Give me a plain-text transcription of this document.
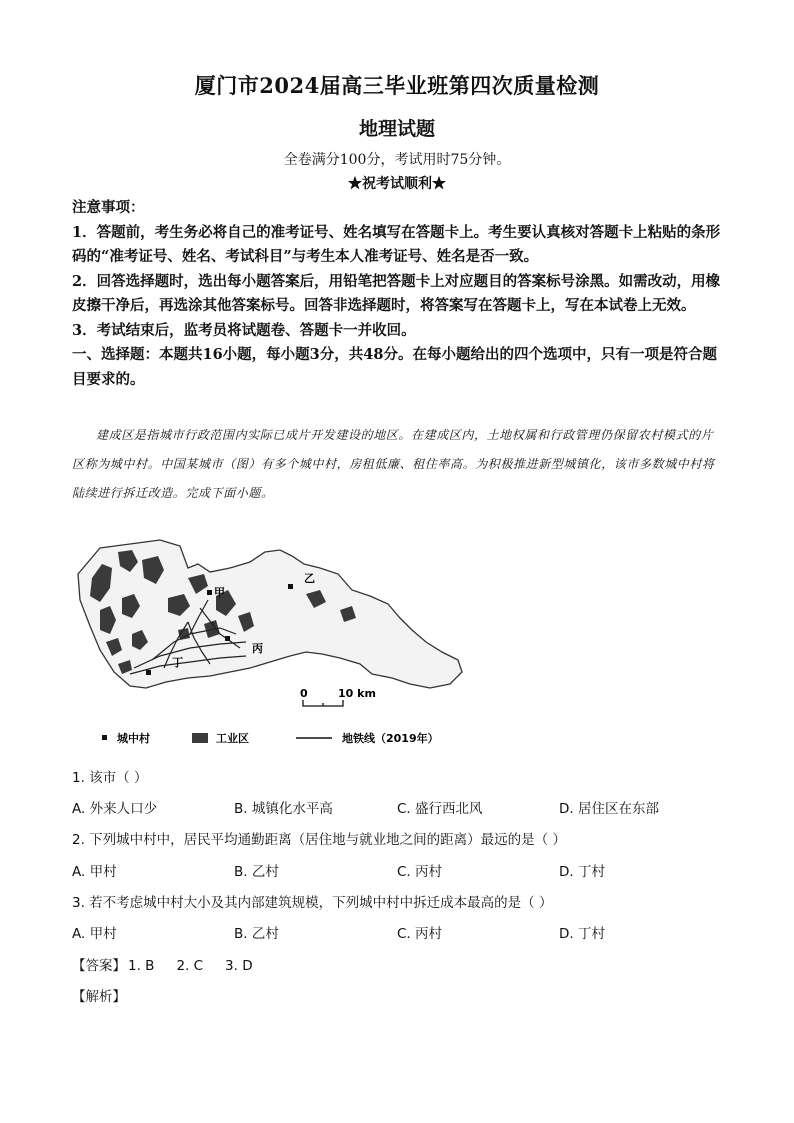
厦门市2024届高三毕业班第四次质量检测
地理试题
全卷满分100分，考试用时75分钟。
★祝考试顺利★

注意事项：

1．答题前，考生务必将自己的准考证号、姓名填写在答题卡上。考生要认真核对答题卡上粘贴的条形码的“准考证号、姓名、考试科目”与考生本人准考证号、姓名是否一致。

2．回答选择题时，选出每小题答案后，用铅笔把答题卡上对应题目的答案标号涂黑。如需改动，用橡皮擦干净后，再选涂其他答案标号。回答非选择题时，将答案写在答题卡上，写在本试卷上无效。

3．考试结束后，监考员将试题卷、答题卡一并收回。

一、选择题：本题共16小题，每小题3分，共48分。在每小题给出的四个选项中，只有一项是符合题目要求的。

建成区是指城市行政范围内实际已成片开发建设的地区。在建成区内，土地权属和行政管理仍保留农村模式的片区称为城中村。中国某城市（图）有多个城中村，房租低廉、租住率高。为积极推进新型城镇化，该市多数城中村将陆续进行拆迁改造。完成下面小题。
甲
乙
丙
丁
0	10 km
城中村	工业区	地铁线（2019年）
1. 该市（ ）
A. 外来人口少	B. 城镇化水平高	C. 盛行西北风	D. 居住区在东部
2. 下列城中村中，居民平均通勤距离（居住地与就业地之间的距离）最远的是（ ）
A. 甲村	B. 乙村	C. 丙村	D. 丁村
3. 若不考虑城中村大小及其内部建筑规模，下列城中村中拆迁成本最高的是（ ）
A. 甲村	B. 乙村	C. 丙村	D. 丁村
【答案】 1. B 2. C 3. D
【解析】
